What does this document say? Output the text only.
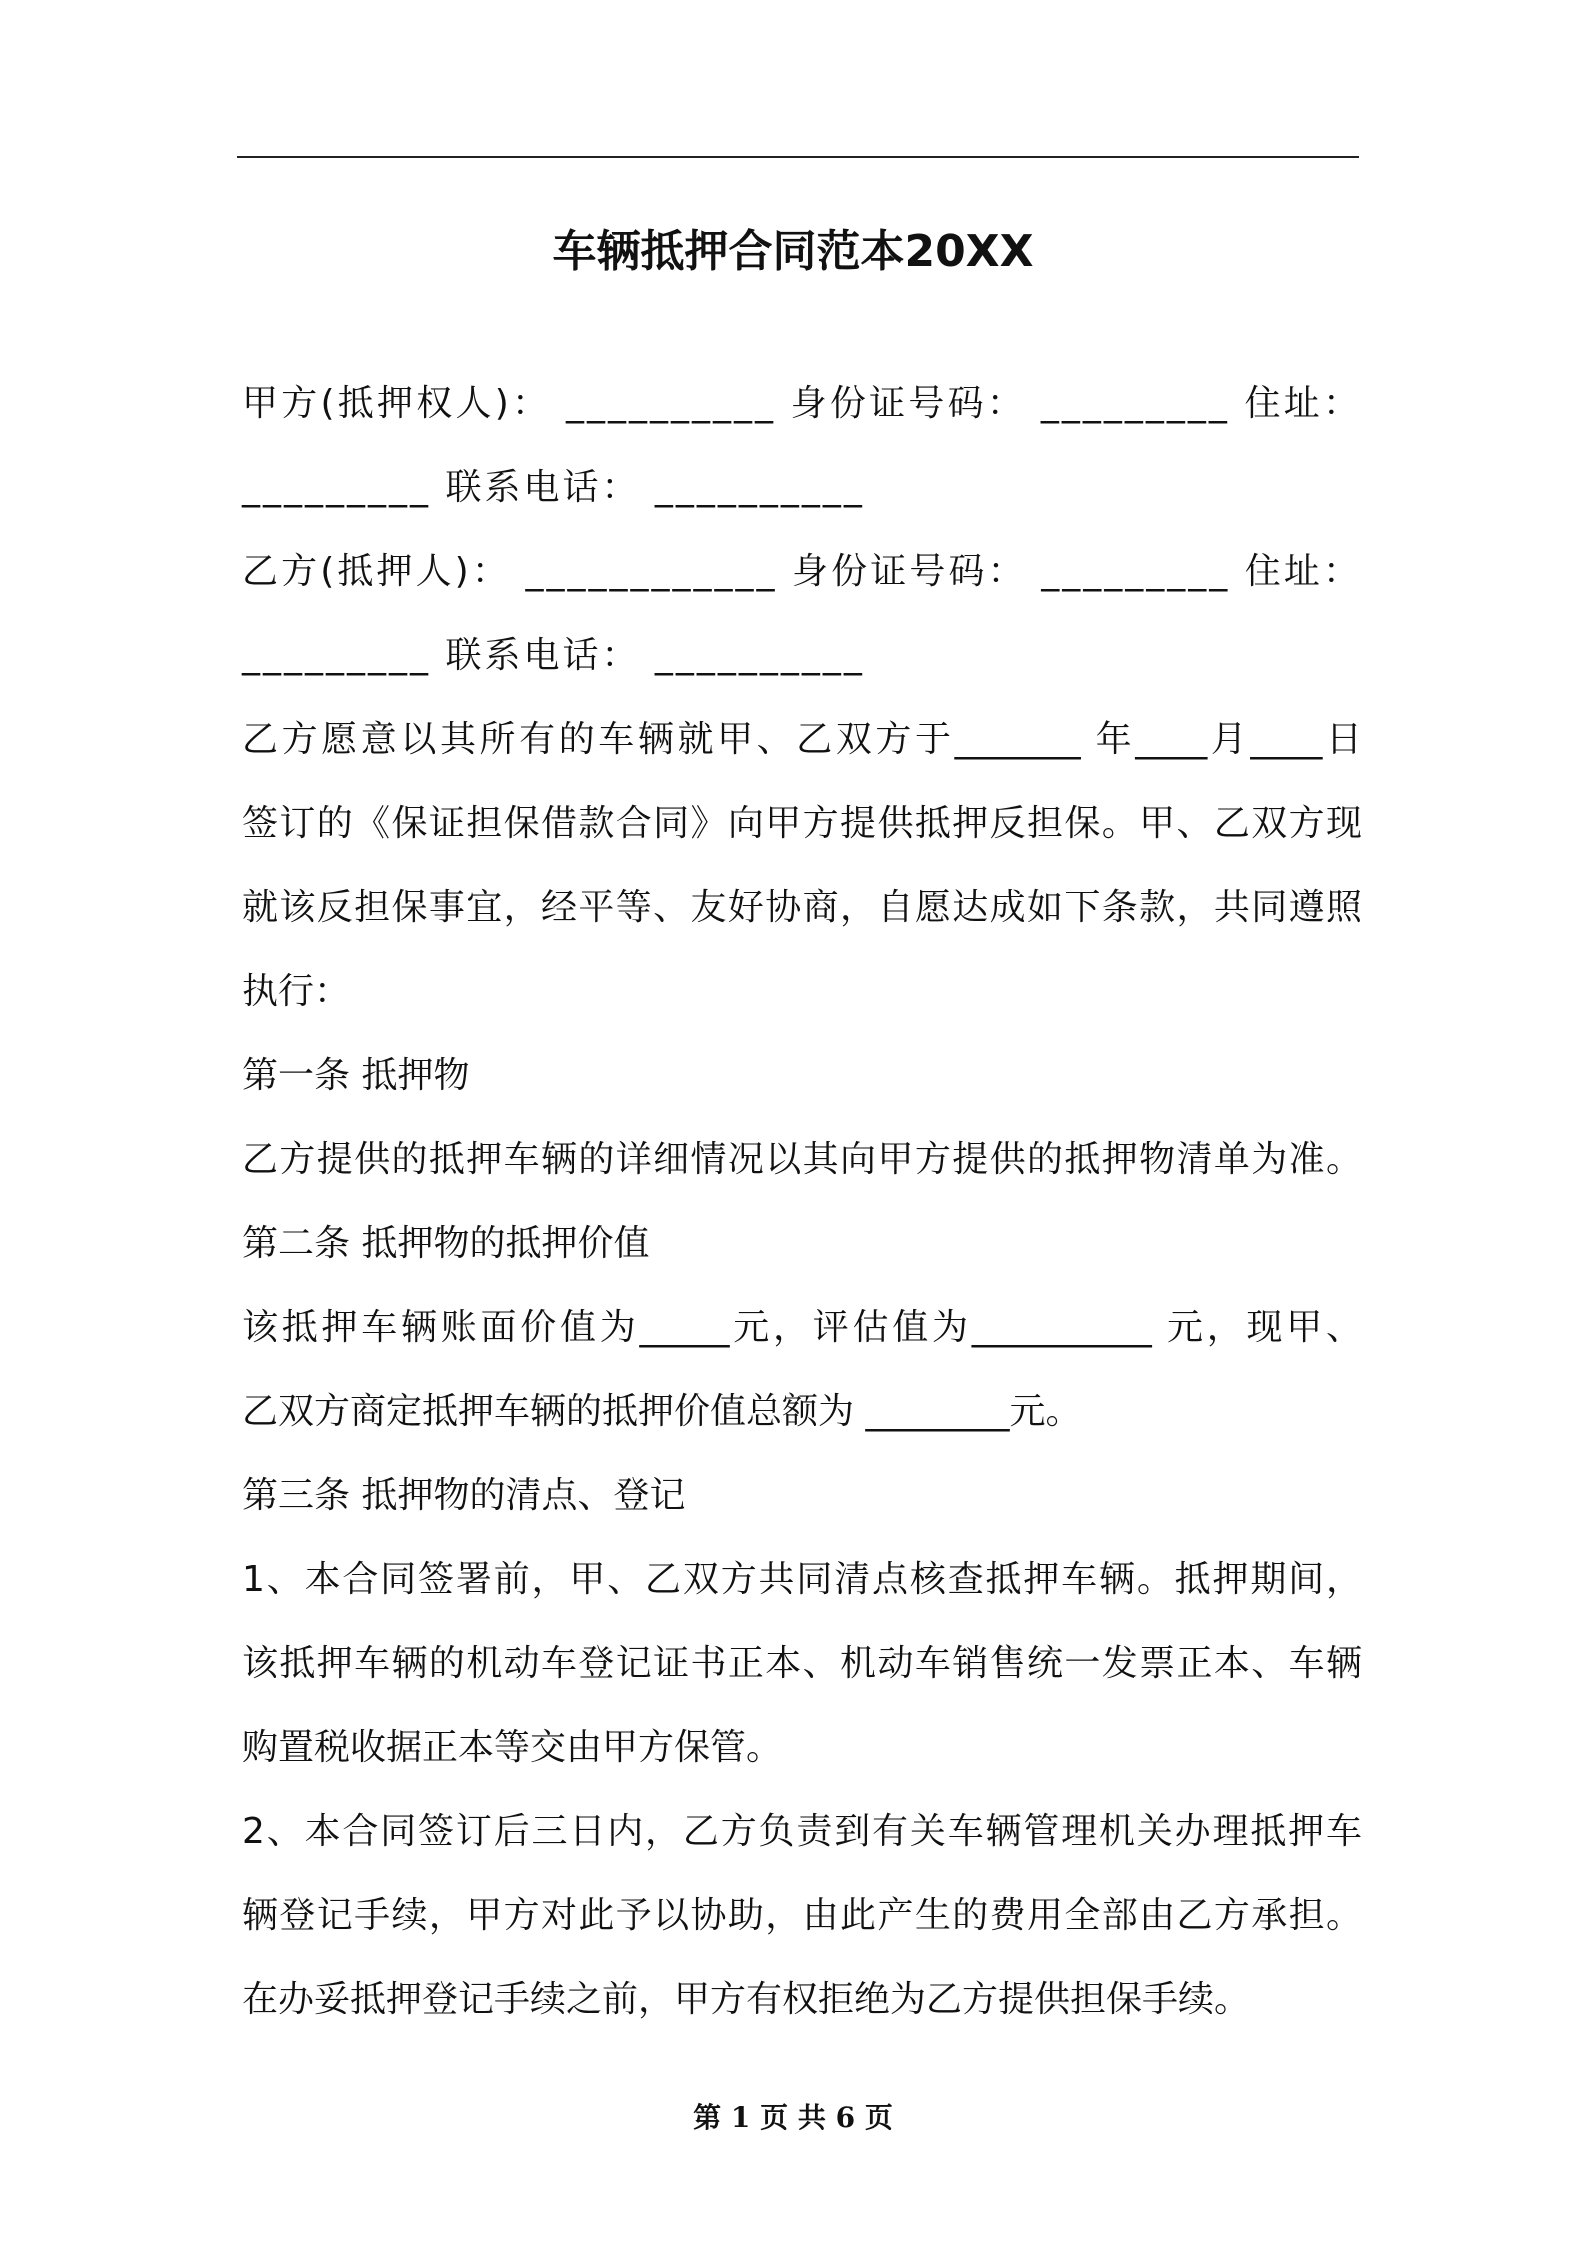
车辆抵押合同范本20XX
甲方(抵押权人)： __________ 身份证号码： _________ 住址：
_________ 联系电话： __________
乙方(抵押人)： ____________ 身份证号码： _________ 住址：
_________ 联系电话： __________
乙方愿意以其所有的车辆就甲、乙双方于_______ 年____月____日
签订的《保证担保借款合同》向甲方提供抵押反担保。甲、乙双方现
就该反担保事宜，经平等、友好协商，自愿达成如下条款，共同遵照
执行：
第一条 抵押物
乙方提供的抵押车辆的详细情况以其向甲方提供的抵押物清单为准。
第二条 抵押物的抵押价值
该抵押车辆账面价值为_____元，评估值为__________ 元，现甲、
乙双方商定抵押车辆的抵押价值总额为 ________元。
第三条 抵押物的清点、登记
1、本合同签署前，甲、乙双方共同清点核查抵押车辆。抵押期间，
该抵押车辆的机动车登记证书正本、机动车销售统一发票正本、车辆
购置税收据正本等交由甲方保管。
2、本合同签订后三日内，乙方负责到有关车辆管理机关办理抵押车
辆登记手续，甲方对此予以协助，由此产生的费用全部由乙方承担。
在办妥抵押登记手续之前，甲方有权拒绝为乙方提供担保手续。
第 1 页 共 6 页
